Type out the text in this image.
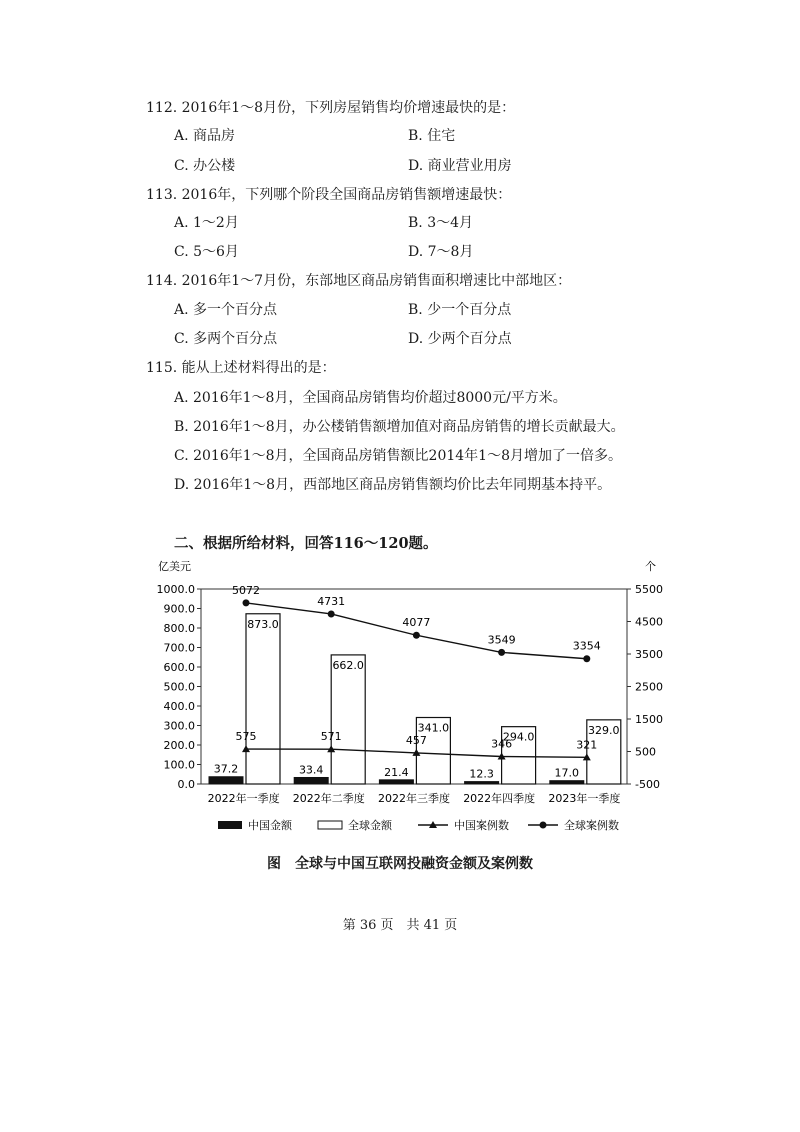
112. 2016年1～8月份，下列房屋销售均价增速最快的是：
A. 商品房	B. 住宅
C. 办公楼	D. 商业营业用房
113. 2016年，下列哪个阶段全国商品房销售额增速最快：
A. 1～2月	B. 3～4月
C. 5～6月	D. 7～8月
114. 2016年1～7月份，东部地区商品房销售面积增速比中部地区：
A. 多一个百分点	B. 少一个百分点
C. 多两个百分点	D. 少两个百分点
115. 能从上述材料得出的是：
A. 2016年1～8月，全国商品房销售均价超过8000元/平方米。
B. 2016年1～8月，办公楼销售额增加值对商品房销售的增长贡献最大。
C. 2016年1～8月，全国商品房销售额比2014年1～8月增加了一倍多。
D. 2016年1～8月，西部地区商品房销售额均价比去年同期基本持平。
二、根据所给材料，回答116～120题。
亿美元	个
0.0
100.0
200.0
300.0
400.0
500.0
600.0
700.0
800.0
900.0
1000.0
-500
500
1500
2500
3500
4500
5500
2022年一季度 2022年二季度 2022年三季度 2022年四季度 2023年一季度
37.2
873.0
33.4
662.0
21.4
341.0
12.3
294.0
17.0
329.0
5072
4731
4077
3549	3354
575	571	457	346	321
中国金额	全球金额	中国案例数	全球案例数
图　全球与中国互联网投融资金额及案例数
第 36 页　共 41 页
